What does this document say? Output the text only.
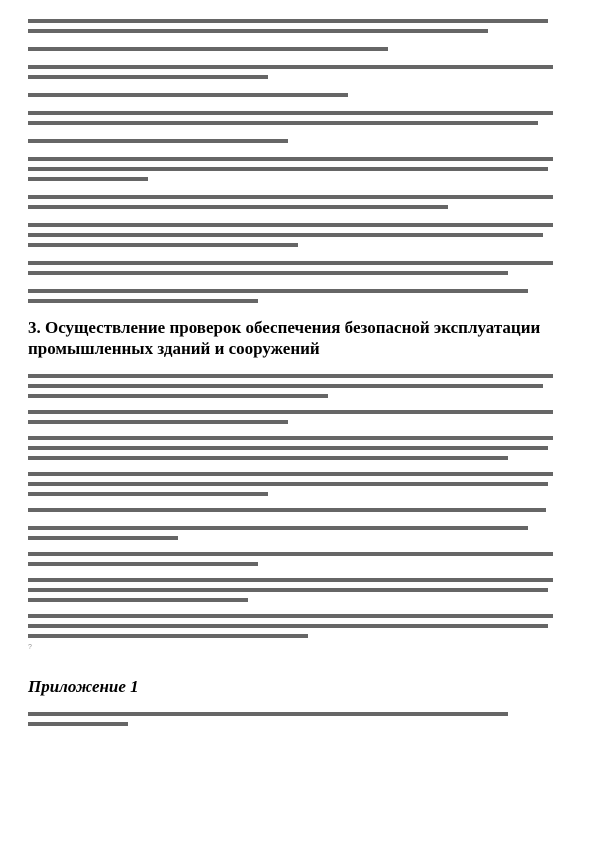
3. Осуществление проверок обеспечения безопасной эксплуатации промышленных зданий и сооружений
?
Приложение 1
